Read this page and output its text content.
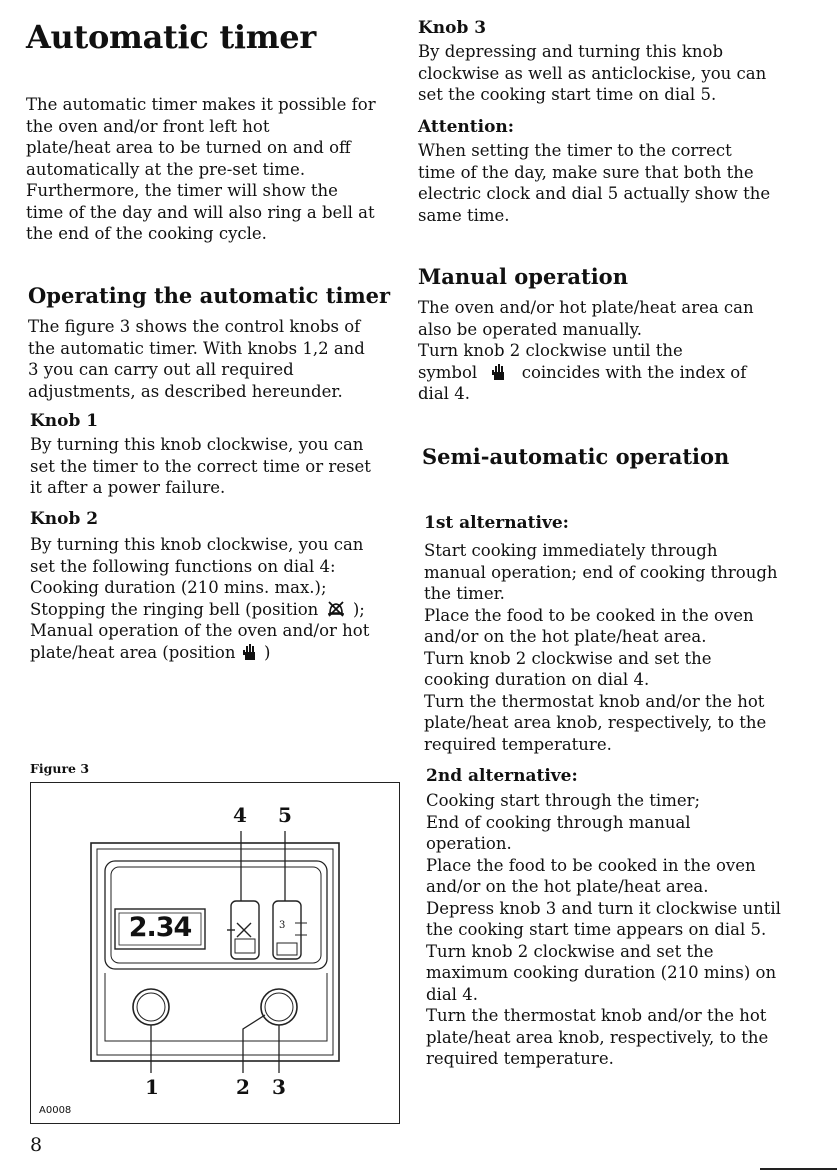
Automatic timer
The automatic timer makes it possible for
the oven and/or front left hot
plate/heat area to be turned on and off
automatically at the pre-set time.
Furthermore, the timer will show the
time of the day and will also ring a bell at
the end of the cooking cycle.
Operating the automatic timer
The figure 3 shows the control knobs of
the automatic timer. With knobs 1,2 and
3 you can carry out all required
adjustments, as described hereunder.
Knob 1
By turning this knob clockwise, you can
set the timer to the correct time or reset
it after a power failure.
Knob 2
By turning this knob clockwise, you can
set the following functions on dial 4:
Cooking duration (210 mins. max.);
Stopping the ringing bell (position );
Manual operation of the oven and/or hot
plate/heat area (position )
Figure 3
2.34	3
4 5
1	2 3
A0008
8
Knob 3
By depressing and turning this knob
clockwise as well as anticlockise, you can
set the cooking start time on dial 5.
Attention:
When setting the timer to the correct
time of the day, make sure that both the
electric clock and dial 5 actually show the
same time.
Manual operation
The oven and/or hot plate/heat area can
also be operated manually.
Turn knob 2 clockwise until the
symbol	coincides with the index of
dial 4.
Semi-automatic operation
1st alternative:
Start cooking immediately through
manual operation; end of cooking through
the timer.
Place the food to be cooked in the oven
and/or on the hot plate/heat area.
Turn knob 2 clockwise and set the
cooking duration on dial 4.
Turn the thermostat knob and/or the hot
plate/heat area knob, respectively, to the
required temperature.
2nd alternative:
Cooking start through the timer;
End of cooking through manual
operation.
Place the food to be cooked in the oven
and/or on the hot plate/heat area.
Depress knob 3 and turn it clockwise until
the cooking start time appears on dial 5.
Turn knob 2 clockwise and set the
maximum cooking duration (210 mins) on
dial 4.
Turn the thermostat knob and/or the hot
plate/heat area knob, respectively, to the
required temperature.
